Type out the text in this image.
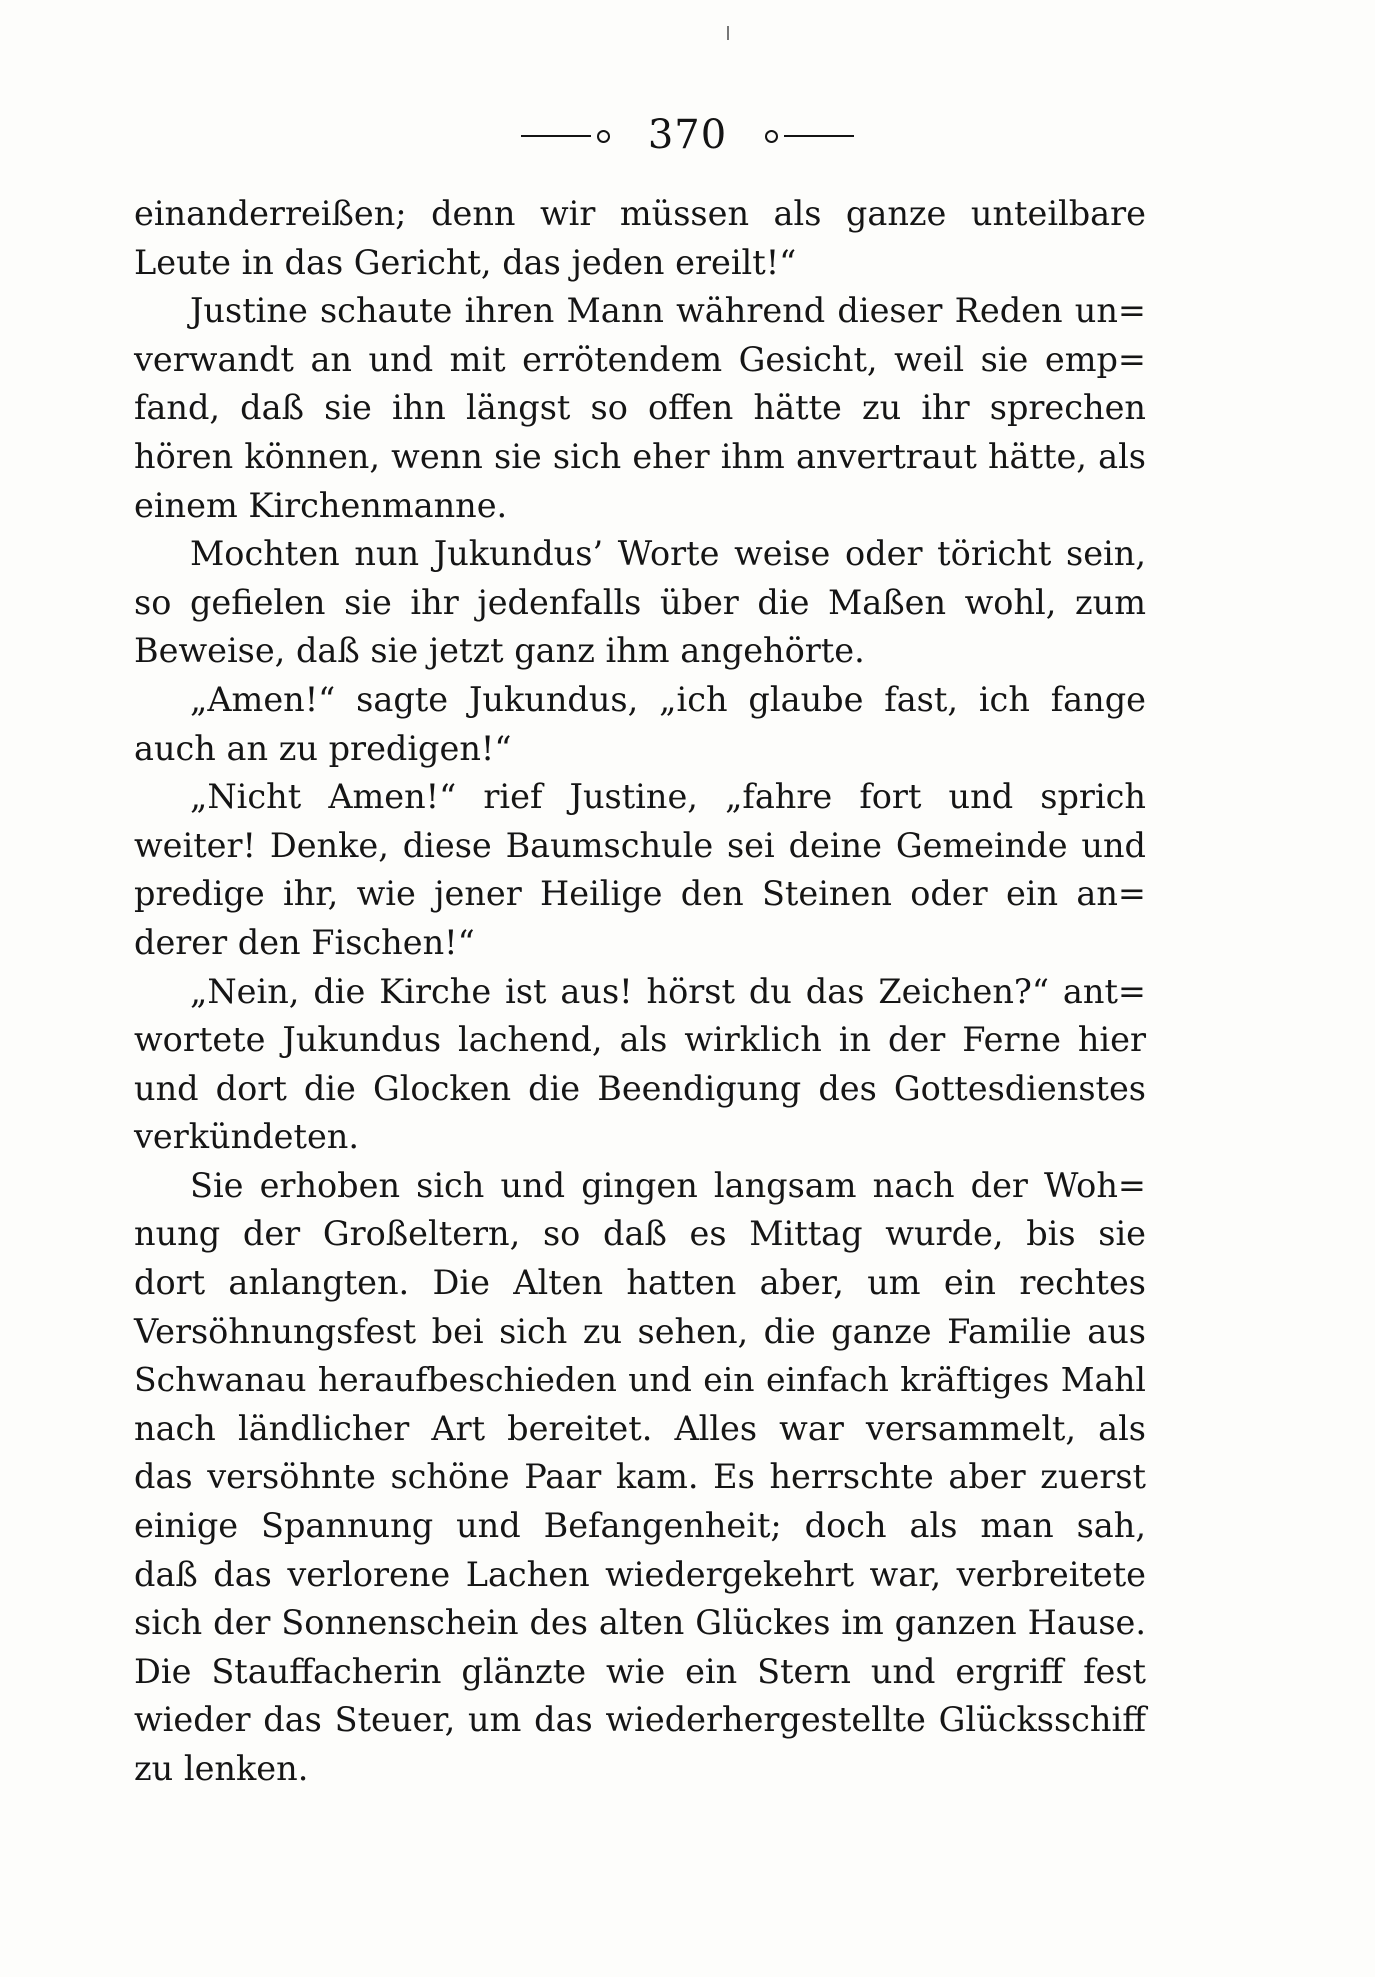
370
einanderreißen; denn wir müssen als ganze unteilbare
Leute in das Gericht, das jeden ereilt!“
Justine schaute ihren Mann während dieser Reden un=
verwandt an und mit errötendem Gesicht, weil sie emp=
fand, daß sie ihn längst so offen hätte zu ihr sprechen
hören können, wenn sie sich eher ihm anvertraut hätte, als
einem Kirchenmanne.
Mochten nun Jukundus’ Worte weise oder töricht sein,
so gefielen sie ihr jedenfalls über die Maßen wohl, zum
Beweise, daß sie jetzt ganz ihm angehörte.
„Amen!“ sagte Jukundus, „ich glaube fast, ich fange
auch an zu predigen!“
„Nicht Amen!“ rief Justine, „fahre fort und sprich
weiter! Denke, diese Baumschule sei deine Gemeinde und
predige ihr, wie jener Heilige den Steinen oder ein an=
derer den Fischen!“
„Nein, die Kirche ist aus! hörst du das Zeichen?“ ant=
wortete Jukundus lachend, als wirklich in der Ferne hier
und dort die Glocken die Beendigung des Gottesdienstes
verkündeten.
Sie erhoben sich und gingen langsam nach der Woh=
nung der Großeltern, so daß es Mittag wurde, bis sie
dort anlangten. Die Alten hatten aber, um ein rechtes
Versöhnungsfest bei sich zu sehen, die ganze Familie aus
Schwanau heraufbeschieden und ein einfach kräftiges Mahl
nach ländlicher Art bereitet. Alles war versammelt, als
das versöhnte schöne Paar kam. Es herrschte aber zuerst
einige Spannung und Befangenheit; doch als man sah,
daß das verlorene Lachen wiedergekehrt war, verbreitete
sich der Sonnenschein des alten Glückes im ganzen Hause.
Die Stauffacherin glänzte wie ein Stern und ergriff fest
wieder das Steuer, um das wiederhergestellte Glücksschiff
zu lenken.
